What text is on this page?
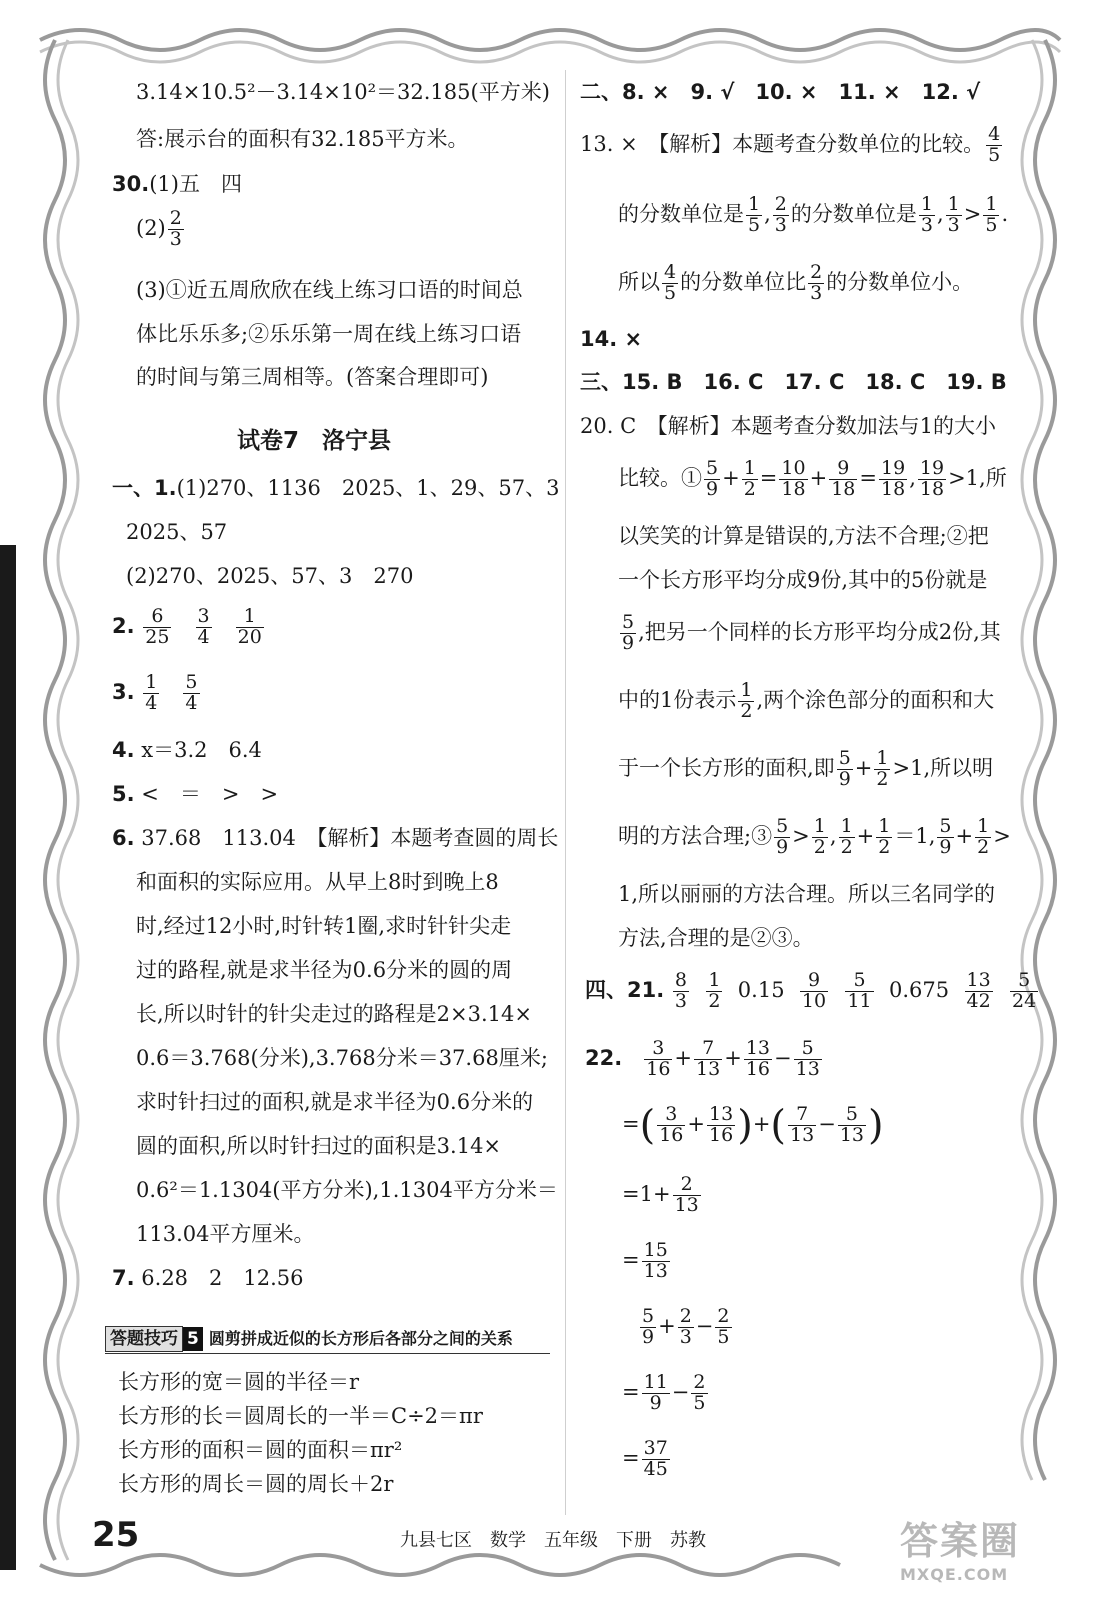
3.14×10.5²－3.14×10²＝32.185(平方米)
答:展示台的面积有32.185平方米。
30.(1)五　四
$(2) \frac{2}{3}$
(3)①近五周欣欣在线上练习口语的时间总
体比乐乐多;②乐乐第一周在线上练习口语
的时间与第三周相等。(答案合理即可)
试卷7　洛宁县
一、1.(1)270、1136　2025、1、29、57、3
2025、57
(2)270、2025、57、3　270
2. $\frac{6}{25}$
$\frac{3}{4}$
$\frac{1}{20}$
3. $\frac{1}{4}$
$\frac{5}{4}$
4. x＝3.2　6.4
5. <　＝　>　>
6. 37.68　113.04　【解析】本题考查圆的周长
和面积的实际应用。从早上8时到晚上8
时,经过12小时,时针转1圈,求时针针尖走
过的路程,就是求半径为0.6分米的圆的周
长,所以时针的针尖走过的路程是2×3.14×
0.6＝3.768(分米),3.768分米＝37.68厘米;
求时针扫过的面积,就是求半径为0.6分米的
圆的面积,所以时针扫过的面积是3.14×
0.6²＝1.1304(平方分米),1.1304平方分米＝
113.04平方厘米。
7. 6.28　2　12.56
答题技巧 5 圆剪拼成近似的长方形后各部分之间的关系
长方形的宽＝圆的半径＝r
长方形的长＝圆周长的一半＝C÷2＝πr
长方形的面积＝圆的面积＝πr²
长方形的周长＝圆的周长＋2r
二、8. ×　9. √　10. ×　11. ×　12. √
13. ×　【解析】本题考查分数单位的比较。 $\frac{4}{5}$
的分数单位是 $\frac{1}{5}$ , $\frac{2}{3}$ 的分数单位是 $\frac{1}{3}$ , $\frac{1}{3} > \frac{1}{5}$ .
所以 $\frac{4}{5}$ 的分数单位比 $\frac{2}{3}$ 的分数单位小。
14. ×
三、15. B　16. C　17. C　18. C　19. B
20. C　【解析】本题考查分数加法与1的大小
比较。① $\frac{5}{9} + \frac{1}{2} = \frac{10}{18} + \frac{9}{18} = \frac{19}{18}$ , $\frac{19}{18} >1$,所
以笑笑的计算是错误的,方法不合理;②把
一个长方形平均分成9份,其中的5份就是
$\frac{5}{9}$ ,把另一个同样的长方形平均分成2份,其
中的1份表示 $\frac{1}{2}$ ,两个涂色部分的面积和大
于一个长方形的面积,即 $\frac{5}{9} + \frac{1}{2} >1$,所以明
明的方法合理;③ $\frac{5}{9} > \frac{1}{2}$ , $\frac{1}{2} + \frac{1}{2} =1$, $\frac{5}{9} + \frac{1}{2}$ >
1,所以丽丽的方法合理。所以三名同学的
方法,合理的是②③。
四、21. $\frac{8}{3}$
$\frac{1}{2} 0.15 \frac{9}{10}$
$\frac{5}{11} 0.675 \frac{13}{42}$
$\frac{5}{24}$
22. $\frac{3}{16} + \frac{7}{13} + \frac{13}{16} - \frac{5}{13}$
=( $\frac{3}{16} + \frac{13}{16}$ )+( $\frac{7}{13} - \frac{5}{13}$ )
$=1+ \frac{2}{13}$
= $\frac{15}{13}$
$\frac{5}{9} + \frac{2}{3} - \frac{2}{5}$
= $\frac{11}{9} - \frac{2}{5}$
= $\frac{37}{45}$
25	九县七区　数学　五年级　下册　苏教	答案圈
MXQE.COM
